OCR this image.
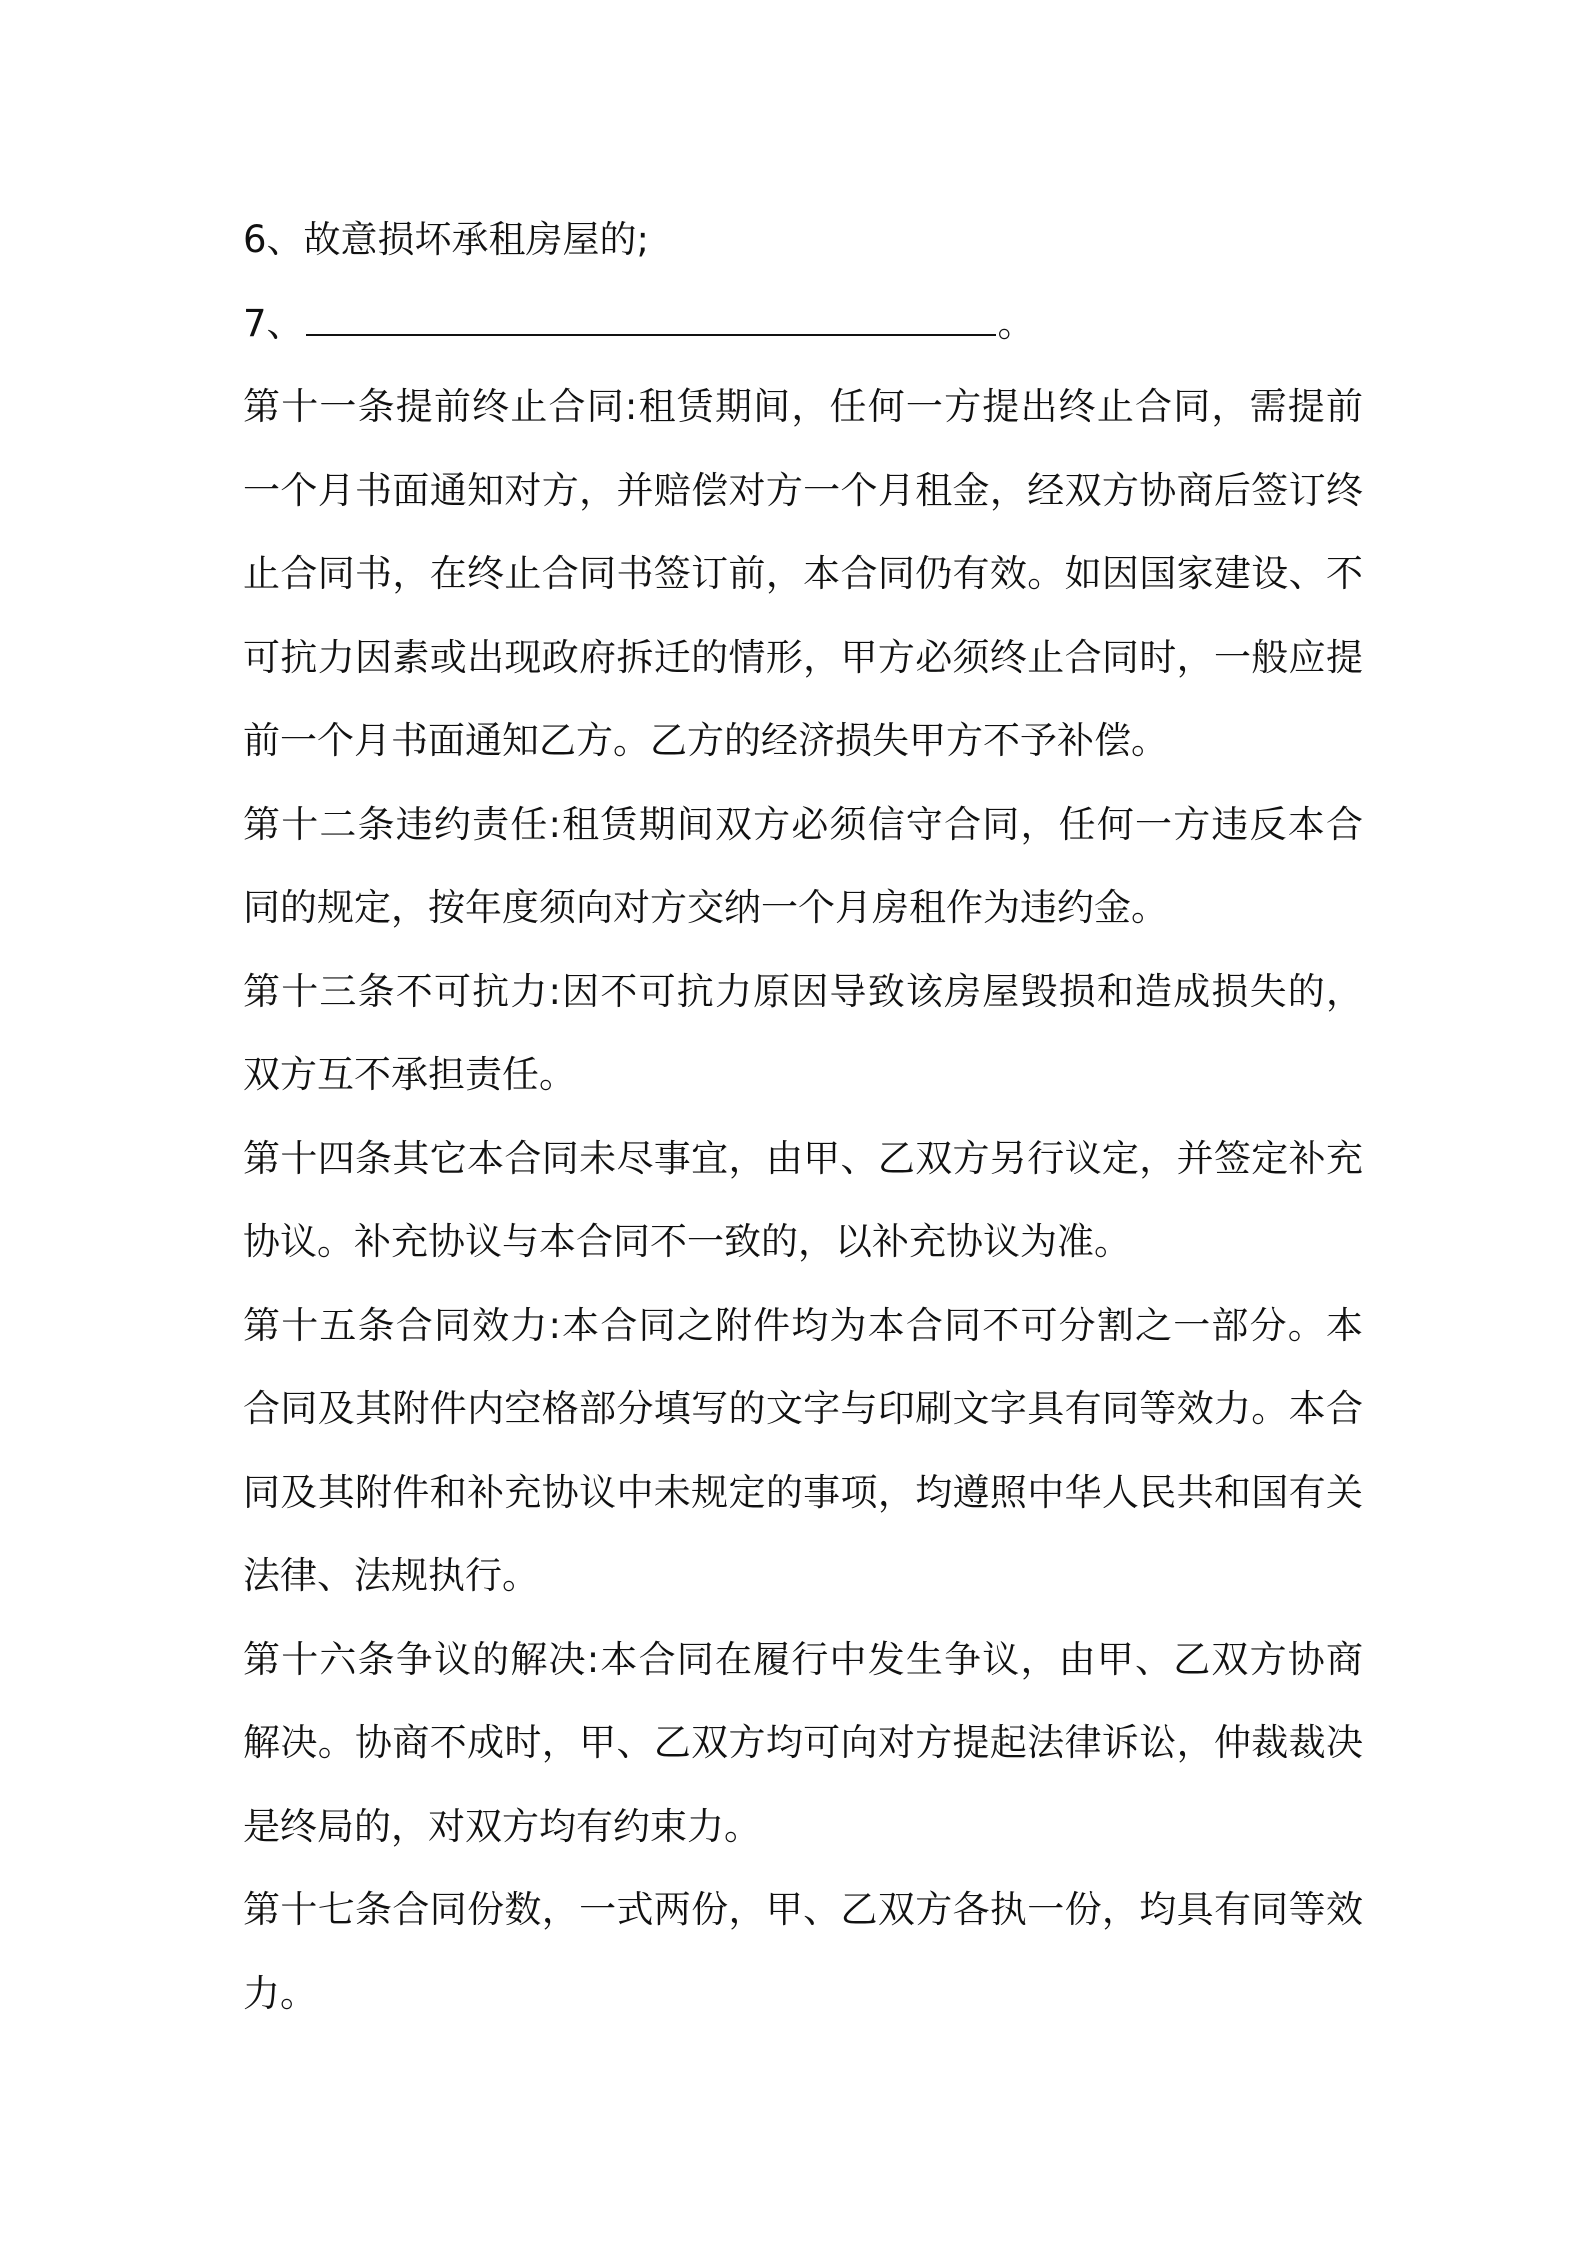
6、故意损坏承租房屋的;

7、	。

第十一条提前终止合同:租赁期间，任何一方提出终止合同，需提前一个月书面通知对方，并赔偿对方一个月租金，经双方协商后签订终止合同书，在终止合同书签订前，本合同仍有效。如因国家建设、不可抗力因素或出现政府拆迁的情形，甲方必须终止合同时，一般应提前一个月书面通知乙方。乙方的经济损失甲方不予补偿。

第十二条违约责任:租赁期间双方必须信守合同，任何一方违反本合同的规定，按年度须向对方交纳一个月房租作为违约金。

第十三条不可抗力:因不可抗力原因导致该房屋毁损和造成损失的，双方互不承担责任。

第十四条其它本合同未尽事宜，由甲、乙双方另行议定，并签定补充协议。补充协议与本合同不一致的，以补充协议为准。

第十五条合同效力:本合同之附件均为本合同不可分割之一部分。本合同及其附件内空格部分填写的文字与印刷文字具有同等效力。本合同及其附件和补充协议中未规定的事项，均遵照中华人民共和国有关法律、法规执行。

第十六条争议的解决:本合同在履行中发生争议，由甲、乙双方协商解决。协商不成时，甲、乙双方均可向对方提起法律诉讼，仲裁裁决是终局的，对双方均有约束力。

第十七条合同份数，一式两份，甲、乙双方各执一份，均具有同等效力。
